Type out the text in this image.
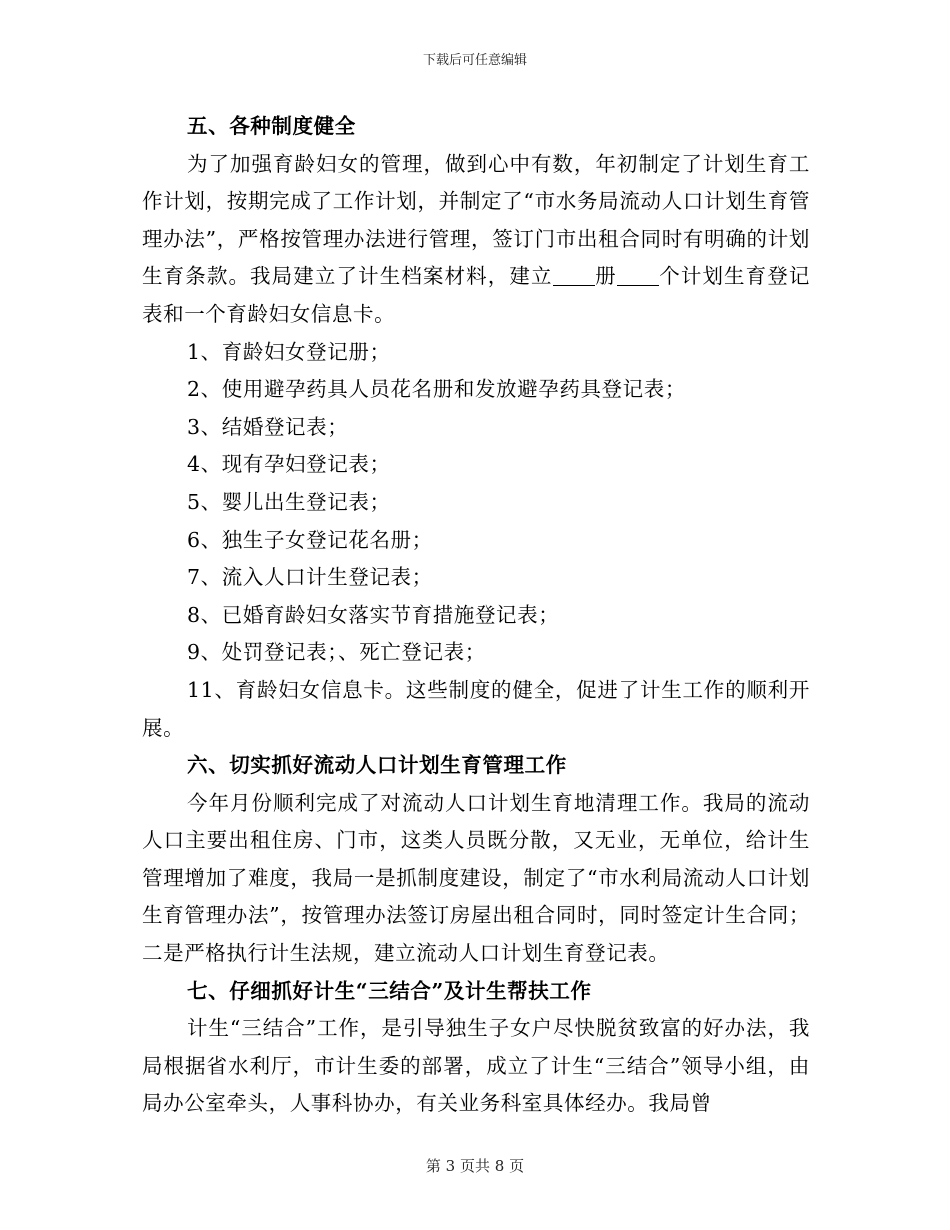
下载后可任意编辑

五、各种制度健全

为了加强育龄妇女的管理，做到心中有数，年初制定了计划生育工作计划，按期完成了工作计划，并制定了“市水务局流动人口计划生育管理办法”，严格按管理办法进行管理，签订门市出租合同时有明确的计划生育条款。我局建立了计生档案材料，建立 册 个计划生育登记表和一个育龄妇女信息卡。

1、育龄妇女登记册；

2、使用避孕药具人员花名册和发放避孕药具登记表；

3、结婚登记表；

4、现有孕妇登记表；

5、婴儿出生登记表；

6、独生子女登记花名册；

7、流入人口计生登记表；

8、已婚育龄妇女落实节育措施登记表；

9、处罚登记表；、死亡登记表；

11、育龄妇女信息卡。这些制度的健全，促进了计生工作的顺利开展。

六、切实抓好流动人口计划生育管理工作

今年月份顺利完成了对流动人口计划生育地清理工作。我局的流动人口主要出租住房、门市，这类人员既分散，又无业，无单位，给计生管理增加了难度，我局一是抓制度建设，制定了“市水利局流动人口计划生育管理办法”，按管理办法签订房屋出租合同时，同时签定计生合同；二是严格执行计生法规，建立流动人口计划生育登记表。

七、仔细抓好计生“三结合”及计生帮扶工作

计生“三结合”工作，是引导独生子女户尽快脱贫致富的好办法，我局根据省水利厅，市计生委的部署，成立了计生“三结合”领导小组，由局办公室牵头，人事科协办，有关业务科室具体经办。我局曾

第 3 页共 8 页
